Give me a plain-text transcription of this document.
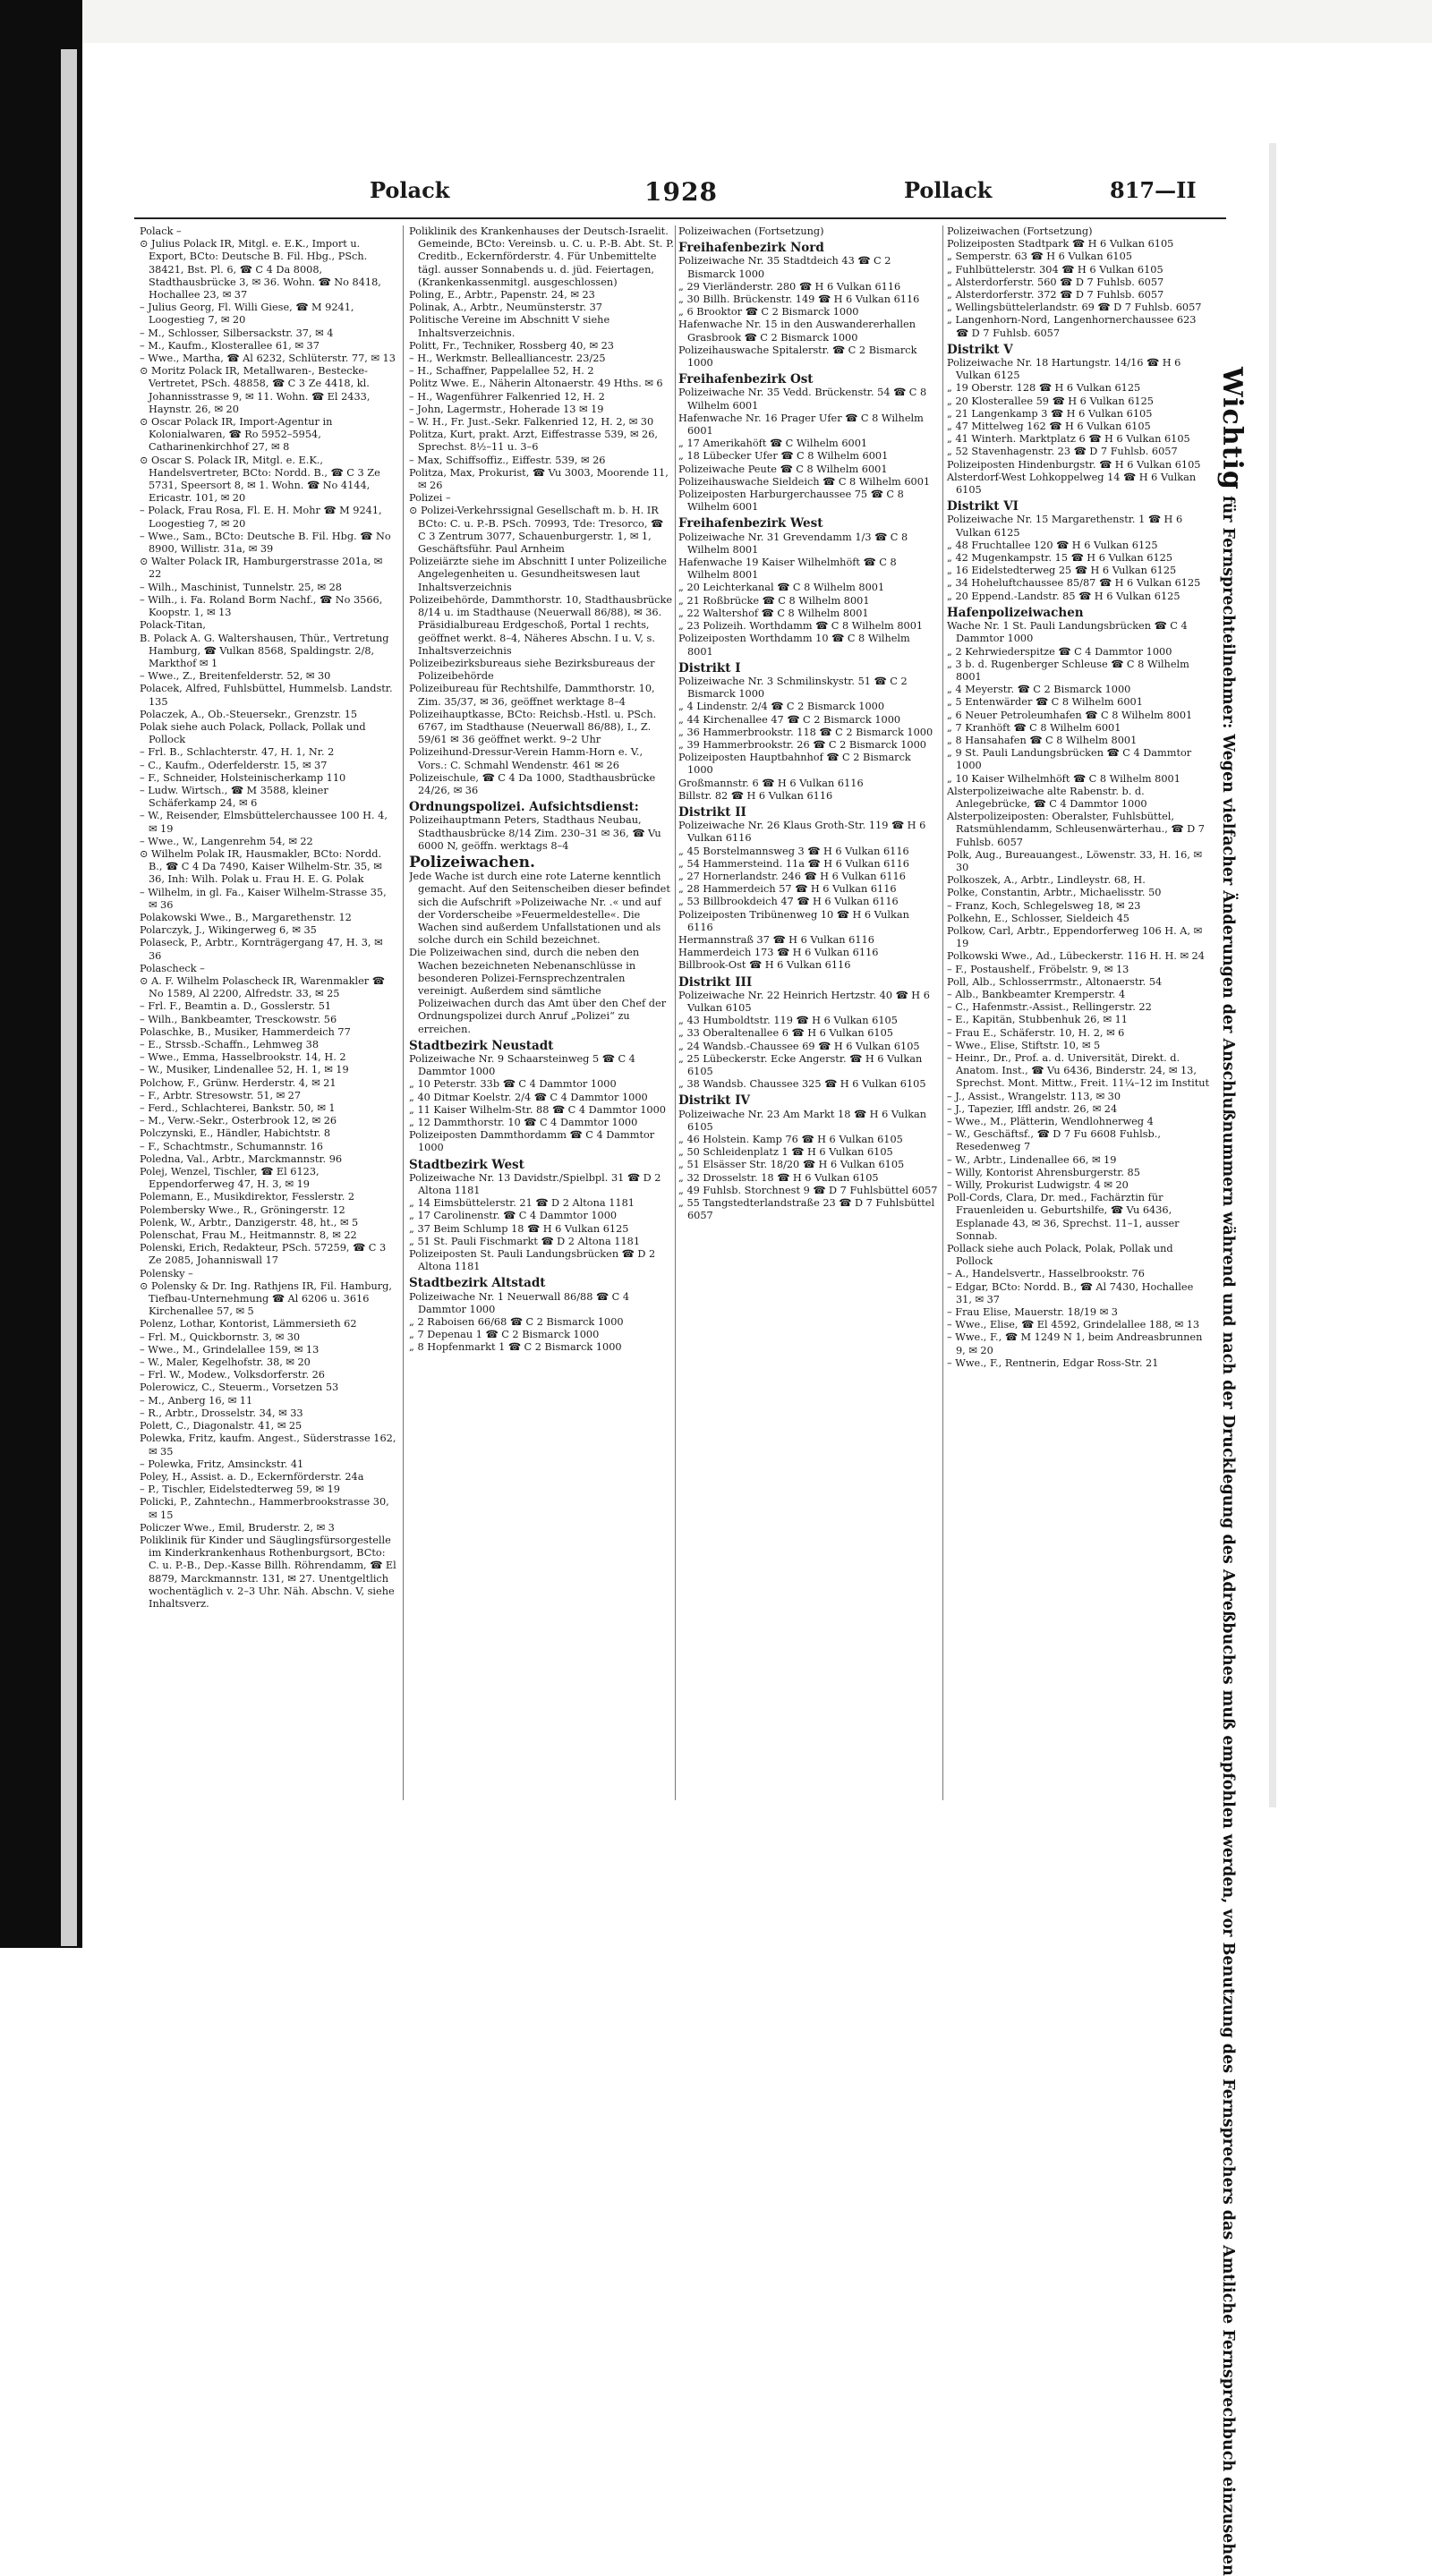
Polack	1928	Pollack	817—II

Polack –

⊙ Julius Polack IR, Mitgl. e. E.K., Import u. Export, BCto: Deutsche B. Fil. Hbg., PSch. 38421, Bst. Pl. 6, ☎ C 4 Da 8008, Stadthausbrücke 3, ✉ 36. Wohn. ☎ No 8418, Hochallee 23, ✉ 37

– Julius Georg, Fl. Willi Giese, ☎ M 9241, Loogestieg 7, ✉ 20

– M., Schlosser, Silbersackstr. 37, ✉ 4

– M., Kaufm., Klosterallee 61, ✉ 37

– Wwe., Martha, ☎ Al 6232, Schlüterstr. 77, ✉ 13

⊙ Moritz Polack IR, Metallwaren-, Bestecke-Vertretet, PSch. 48858, ☎ C 3 Ze 4418, kl. Johannisstrasse 9, ✉ 11. Wohn. ☎ El 2433, Haynstr. 26, ✉ 20

⊙ Oscar Polack IR, Import-Agentur in Kolonialwaren, ☎ Ro 5952–5954, Catharinenkirchhof 27, ✉ 8

⊙ Oscar S. Polack IR, Mitgl. e. E.K., Handelsvertreter, BCto: Nordd. B., ☎ C 3 Ze 5731, Speersort 8, ✉ 1. Wohn. ☎ No 4144, Ericastr. 101, ✉ 20

– Polack, Frau Rosa, Fl. E. H. Mohr ☎ M 9241, Loogestieg 7, ✉ 20

– Wwe., Sam., BCto: Deutsche B. Fil. Hbg. ☎ No 8900, Willistr. 31a, ✉ 39

⊙ Walter Polack IR, Hamburgerstrasse 201a, ✉ 22

– Wilh., Maschinist, Tunnelstr. 25, ✉ 28

– Wilh., i. Fa. Roland Borm Nachf., ☎ No 3566, Koopstr. 1, ✉ 13

Polack-Titan,

B. Polack A. G. Waltershausen, Thür., Vertretung Hamburg, ☎ Vulkan 8568, Spaldingstr. 2/8, Markthof ✉ 1

– Wwe., Z., Breitenfelderstr. 52, ✉ 30

Polacek, Alfred, Fuhlsbüttel, Hummelsb. Landstr. 135

Polaczek, A., Ob.-Steuersekr., Grenzstr. 15

Polak siehe auch Polack, Pollack, Pollak und Pollock

– Frl. B., Schlachterstr. 47, H. 1, Nr. 2

– C., Kaufm., Oderfelderstr. 15, ✉ 37

– F., Schneider, Holsteinischerkamp 110

– Ludw. Wirtsch., ☎ M 3588, kleiner Schäferkamp 24, ✉ 6

– W., Reisender, Elmsbüttelerchaussee 100 H. 4, ✉ 19

– Wwe., W., Langenrehm 54, ✉ 22

⊙ Wilhelm Polak IR, Hausmakler, BCto: Nordd. B., ☎ C 4 Da 7490, Kaiser Wilhelm-Str. 35, ✉ 36, Inh: Wilh. Polak u. Frau H. E. G. Polak

– Wilhelm, in gl. Fa., Kaiser Wilhelm-Strasse 35, ✉ 36

Polakowski Wwe., B., Margarethenstr. 12

Polarczyk, J., Wikingerweg 6, ✉ 35

Polaseck, P., Arbtr., Kornträgergang 47, H. 3, ✉ 36

Polascheck –

⊙ A. F. Wilhelm Polascheck IR, Warenmakler ☎ No 1589, Al 2200, Alfredstr. 33, ✉ 25

– Frl. F., Beamtin a. D., Gosslerstr. 51

– Wilh., Bankbeamter, Tresckowstr. 56

Polaschke, B., Musiker, Hammerdeich 77

– E., Strssb.-Schaffn., Lehmweg 38

– Wwe., Emma, Hasselbrookstr. 14, H. 2

– W., Musiker, Lindenallee 52, H. 1, ✉ 19

Polchow, F., Grünw. Herderstr. 4, ✉ 21

– F., Arbtr. Stresowstr. 51, ✉ 27

– Ferd., Schlachterei, Bankstr. 50, ✉ 1

– M., Verw.-Sekr., Osterbrook 12, ✉ 26

Polczynski, E., Händler, Habichtstr. 8

– F., Schachtmstr., Schumannstr. 16

Poledna, Val., Arbtr., Marckmannstr. 96

Polej, Wenzel, Tischler, ☎ El 6123, Eppendorferweg 47, H. 3, ✉ 19

Polemann, E., Musikdirektor, Fesslerstr. 2

Polembersky Wwe., R., Gröningerstr. 12

Polenk, W., Arbtr., Danzigerstr. 48, ht., ✉ 5

Polenschat, Frau M., Heitmannstr. 8, ✉ 22

Polenski, Erich, Redakteur, PSch. 57259, ☎ C 3 Ze 2085, Johanniswall 17

Polensky –

⊙ Polensky & Dr. Ing. Rathjens IR, Fil. Hamburg, Tiefbau-Unternehmung ☎ Al 6206 u. 3616 Kirchenallee 57, ✉ 5

Polenz, Lothar, Kontorist, Lämmersieth 62

– Frl. M., Quickbornstr. 3, ✉ 30

– Wwe., M., Grindelallee 159, ✉ 13

– W., Maler, Kegelhofstr. 38, ✉ 20

– Frl. W., Modew., Volksdorferstr. 26

Polerowicz, C., Steuerm., Vorsetzen 53

– M., Anberg 16, ✉ 11

– R., Arbtr., Drosselstr. 34, ✉ 33

Polett, C., Diagonalstr. 41, ✉ 25

Polewka, Fritz, kaufm. Angest., Süderstrasse 162, ✉ 35

– Polewka, Fritz, Amsinckstr. 41

Poley, H., Assist. a. D., Eckernförderstr. 24a

– P., Tischler, Eidelstedterweg 59, ✉ 19

Policki, P., Zahntechn., Hammerbrookstrasse 30, ✉ 15

Policzer Wwe., Emil, Bruderstr. 2, ✉ 3

Poliklinik für Kinder und Säuglingsfürsorgestelle im Kinderkrankenhaus Rothenburgsort, BCto: C. u. P.-B., Dep.-Kasse Billh. Röhrendamm, ☎ El 8879, Marckmannstr. 131, ✉ 27. Unentgeltlich wochentäglich v. 2–3 Uhr. Näh. Abschn. V, siehe Inhaltsverz.

Poliklinik des Krankenhauses der Deutsch-Israelit. Gemeinde, BCto: Vereinsb. u. C. u. P.-B. Abt. St. P. Creditb., Eckernförderstr. 4. Für Unbemittelte tägl. ausser Sonnabends u. d. jüd. Feiertagen, (Krankenkassenmitgl. ausgeschlossen)

Poling, E., Arbtr., Papenstr. 24, ✉ 23

Polinak, A., Arbtr., Neumünsterstr. 37

Politische Vereine im Abschnitt V siehe Inhaltsverzeichnis.

Politt, Fr., Techniker, Rossberg 40, ✉ 23

– H., Werkmstr. Bellealliancestr. 23/25

– H., Schaffner, Pappelallee 52, H. 2

Politz Wwe. E., Näherin Altonaerstr. 49 Hths. ✉ 6

– H., Wagenführer Falkenried 12, H. 2

– John, Lagermstr., Hoherade 13 ✉ 19

– W. H., Fr. Just.-Sekr. Falkenried 12, H. 2, ✉ 30

Politza, Kurt, prakt. Arzt, Eiffestrasse 539, ✉ 26, Sprechst. 8½–11 u. 3–6

– Max, Schiffsoffiz., Eiffestr. 539, ✉ 26

Politza, Max, Prokurist, ☎ Vu 3003, Moorende 11, ✉ 26

Polizei –

⊙ Polizei-Verkehrssignal Gesellschaft m. b. H. IR BCto: C. u. P.-B. PSch. 70993, Tde: Tresorco, ☎ C 3 Zentrum 3077, Schauenburgerstr. 1, ✉ 1, Geschäftsführ. Paul Arnheim

Polizeiärzte siehe im Abschnitt I unter Polizeiliche Angelegenheiten u. Gesundheitswesen laut Inhaltsverzeichnis

Polizeibehörde, Dammthorstr. 10, Stadthausbrücke 8/14 u. im Stadthause (Neuerwall 86/88), ✉ 36. Präsidialbureau Erdgeschoß, Portal 1 rechts, geöffnet werkt. 8–4, Näheres Abschn. I u. V, s. Inhaltsverzeichnis

Polizeibezirksbureaus siehe Bezirksbureaus der Polizeibehörde

Polizeibureau für Rechtshilfe, Dammthorstr. 10, Zim. 35/37, ✉ 36, geöffnet werktage 8–4

Polizeihauptkasse, BCto: Reichsb.-Hstl. u. PSch. 6767, im Stadthause (Neuerwall 86/88), I., Z. 59/61 ✉ 36 geöffnet werkt. 9–2 Uhr

Polizeihund-Dressur-Verein Hamm-Horn e. V., Vors.: C. Schmahl Wendenstr. 461 ✉ 26

Polizeischule, ☎ C 4 Da 1000, Stadthausbrücke 24/26, ✉ 36

Ordnungspolizei. Aufsichtsdienst:

Polizeihauptmann Peters, Stadthaus Neubau, Stadthausbrücke 8/14 Zim. 230–31 ✉ 36, ☎ Vu 6000 N, geöffn. werktags 8–4

Polizeiwachen.

Jede Wache ist durch eine rote Laterne kenntlich gemacht. Auf den Seitenscheiben dieser befindet sich die Aufschrift »Polizeiwache Nr. .« und auf der Vorderscheibe »Feuermeldestelle«. Die Wachen sind außerdem Unfallstationen und als solche durch ein Schild bezeichnet.

Die Polizeiwachen sind, durch die neben den Wachen bezeichneten Nebenanschlüsse in besonderen Polizei-Fernsprechzentralen vereinigt. Außerdem sind sämtliche Polizeiwachen durch das Amt über den Chef der Ordnungspolizei durch Anruf „Polizei“ zu erreichen.

Stadtbezirk Neustadt

Polizeiwache Nr. 9 Schaarsteinweg 5 ☎ C 4 Dammtor 1000

„ 10 Peterstr. 33b ☎ C 4 Dammtor 1000

„ 40 Ditmar Koelstr. 2/4 ☎ C 4 Dammtor 1000

„ 11 Kaiser Wilhelm-Str. 88 ☎ C 4 Dammtor 1000

„ 12 Dammthorstr. 10 ☎ C 4 Dammtor 1000

Polizeiposten Dammthordamm ☎ C 4 Dammtor 1000

Stadtbezirk West

Polizeiwache Nr. 13 Davidstr./Spielbpl. 31 ☎ D 2 Altona 1181

„ 14 Eimsbüttelerstr. 21 ☎ D 2 Altona 1181

„ 17 Carolinenstr. ☎ C 4 Dammtor 1000

„ 37 Beim Schlump 18 ☎ H 6 Vulkan 6125

„ 51 St. Pauli Fischmarkt ☎ D 2 Altona 1181

Polizeiposten St. Pauli Landungsbrücken ☎ D 2 Altona 1181

Stadtbezirk Altstadt

Polizeiwache Nr. 1 Neuerwall 86/88 ☎ C 4 Dammtor 1000

„ 2 Raboisen 66/68 ☎ C 2 Bismarck 1000

„ 7 Depenau 1 ☎ C 2 Bismarck 1000

„ 8 Hopfenmarkt 1 ☎ C 2 Bismarck 1000

Polizeiwachen (Fortsetzung)

Freihafenbezirk Nord

Polizeiwache Nr. 35 Stadtdeich 43 ☎ C 2 Bismarck 1000

„ 29 Vierländerstr. 280 ☎ H 6 Vulkan 6116

„ 30 Billh. Brückenstr. 149 ☎ H 6 Vulkan 6116

„ 6 Brooktor ☎ C 2 Bismarck 1000

Hafenwache Nr. 15 in den Auswandererhallen Grasbrook ☎ C 2 Bismarck 1000

Polizeihauswache Spitalerstr. ☎ C 2 Bismarck 1000

Freihafenbezirk Ost

Polizeiwache Nr. 35 Vedd. Brückenstr. 54 ☎ C 8 Wilhelm 6001

Hafenwache Nr. 16 Prager Ufer ☎ C 8 Wilhelm 6001

„ 17 Amerikahöft ☎ C Wilhelm 6001

„ 18 Lübecker Ufer ☎ C 8 Wilhelm 6001

Polizeiwache Peute ☎ C 8 Wilhelm 6001

Polizeihauswache Sieldeich ☎ C 8 Wilhelm 6001

Polizeiposten Harburgerchaussee 75 ☎ C 8 Wilhelm 6001

Freihafenbezirk West

Polizeiwache Nr. 31 Grevendamm 1/3 ☎ C 8 Wilhelm 8001

Hafenwache 19 Kaiser Wilhelmhöft ☎ C 8 Wilhelm 8001

„ 20 Leichterkanal ☎ C 8 Wilhelm 8001

„ 21 Roßbrücke ☎ C 8 Wilhelm 8001

„ 22 Waltershof ☎ C 8 Wilhelm 8001

„ 23 Polizeih. Worthdamm ☎ C 8 Wilhelm 8001

Polizeiposten Worthdamm 10 ☎ C 8 Wilhelm 8001

Distrikt I

Polizeiwache Nr. 3 Schmilinskystr. 51 ☎ C 2 Bismarck 1000

„ 4 Lindenstr. 2/4 ☎ C 2 Bismarck 1000

„ 44 Kirchenallee 47 ☎ C 2 Bismarck 1000

„ 36 Hammerbrookstr. 118 ☎ C 2 Bismarck 1000

„ 39 Hammerbrookstr. 26 ☎ C 2 Bismarck 1000

Polizeiposten Hauptbahnhof ☎ C 2 Bismarck 1000

Großmannstr. 6 ☎ H 6 Vulkan 6116

Billstr. 82 ☎ H 6 Vulkan 6116

Distrikt II

Polizeiwache Nr. 26 Klaus Groth-Str. 119 ☎ H 6 Vulkan 6116

„ 45 Borstelmannsweg 3 ☎ H 6 Vulkan 6116

„ 54 Hammersteind. 11a ☎ H 6 Vulkan 6116

„ 27 Hornerlandstr. 246 ☎ H 6 Vulkan 6116

„ 28 Hammerdeich 57 ☎ H 6 Vulkan 6116

„ 53 Billbrookdeich 47 ☎ H 6 Vulkan 6116

Polizeiposten Tribünenweg 10 ☎ H 6 Vulkan 6116

Hermannstraß 37 ☎ H 6 Vulkan 6116

Hammerdeich 173 ☎ H 6 Vulkan 6116

Billbrook-Ost ☎ H 6 Vulkan 6116

Distrikt III

Polizeiwache Nr. 22 Heinrich Hertzstr. 40 ☎ H 6 Vulkan 6105

„ 43 Humboldtstr. 119 ☎ H 6 Vulkan 6105

„ 33 Oberaltenallee 6 ☎ H 6 Vulkan 6105

„ 24 Wandsb.-Chaussee 69 ☎ H 6 Vulkan 6105

„ 25 Lübeckerstr. Ecke Angerstr. ☎ H 6 Vulkan 6105

„ 38 Wandsb. Chaussee 325 ☎ H 6 Vulkan 6105

Distrikt IV

Polizeiwache Nr. 23 Am Markt 18 ☎ H 6 Vulkan 6105

„ 46 Holstein. Kamp 76 ☎ H 6 Vulkan 6105

„ 50 Schleidenplatz 1 ☎ H 6 Vulkan 6105

„ 51 Elsässer Str. 18/20 ☎ H 6 Vulkan 6105

„ 32 Drosselstr. 18 ☎ H 6 Vulkan 6105

„ 49 Fuhlsb. Storchnest 9 ☎ D 7 Fuhlsbüttel 6057

„ 55 Tangstedterlandstraße 23 ☎ D 7 Fuhlsbüttel 6057

Polizeiwachen (Fortsetzung)

Polizeiposten Stadtpark ☎ H 6 Vulkan 6105

„ Semperstr. 63 ☎ H 6 Vulkan 6105

„ Fuhlbüttelerstr. 304 ☎ H 6 Vulkan 6105

„ Alsterdorferstr. 560 ☎ D 7 Fuhlsb. 6057

„ Alsterdorferstr. 372 ☎ D 7 Fuhlsb. 6057

„ Wellingsbüttelerlandstr. 69 ☎ D 7 Fuhlsb. 6057

„ Langenhorn-Nord, Langenhornerchaussee 623 ☎ D 7 Fuhlsb. 6057

Distrikt V

Polizeiwache Nr. 18 Hartungstr. 14/16 ☎ H 6 Vulkan 6125

„ 19 Oberstr. 128 ☎ H 6 Vulkan 6125

„ 20 Klosterallee 59 ☎ H 6 Vulkan 6125

„ 21 Langenkamp 3 ☎ H 6 Vulkan 6105

„ 47 Mittelweg 162 ☎ H 6 Vulkan 6105

„ 41 Winterh. Marktplatz 6 ☎ H 6 Vulkan 6105

„ 52 Stavenhagenstr. 23 ☎ D 7 Fuhlsb. 6057

Polizeiposten Hindenburgstr. ☎ H 6 Vulkan 6105

Alsterdorf-West Lohkoppelweg 14 ☎ H 6 Vulkan 6105

Distrikt VI

Polizeiwache Nr. 15 Margarethenstr. 1 ☎ H 6 Vulkan 6125

„ 48 Fruchtallee 120 ☎ H 6 Vulkan 6125

„ 42 Mugenkampstr. 15 ☎ H 6 Vulkan 6125

„ 16 Eidelstedterweg 25 ☎ H 6 Vulkan 6125

„ 34 Hoheluftchaussee 85/87 ☎ H 6 Vulkan 6125

„ 20 Eppend.-Landstr. 85 ☎ H 6 Vulkan 6125

Hafenpolizeiwachen

Wache Nr. 1 St. Pauli Landungsbrücken ☎ C 4 Dammtor 1000

„ 2 Kehrwiederspitze ☎ C 4 Dammtor 1000

„ 3 b. d. Rugenberger Schleuse ☎ C 8 Wilhelm 8001

„ 4 Meyerstr. ☎ C 2 Bismarck 1000

„ 5 Entenwärder ☎ C 8 Wilhelm 6001

„ 6 Neuer Petroleumhafen ☎ C 8 Wilhelm 8001

„ 7 Kranhöft ☎ C 8 Wilhelm 6001

„ 8 Hansahafen ☎ C 8 Wilhelm 8001

„ 9 St. Pauli Landungsbrücken ☎ C 4 Dammtor 1000

„ 10 Kaiser Wilhelmhöft ☎ C 8 Wilhelm 8001

Alsterpolizeiwache alte Rabenstr. b. d. Anlegebrücke, ☎ C 4 Dammtor 1000

Alsterpolizeiposten: Oberalster, Fuhlsbüttel, Ratsmühlendamm, Schleusenwärterhau., ☎ D 7 Fuhlsb. 6057

Polk, Aug., Bureauangest., Löwenstr. 33, H. 16, ✉ 30

Polkoszek, A., Arbtr., Lindleystr. 68, H.

Polke, Constantin, Arbtr., Michaelisstr. 50

– Franz, Koch, Schlegelsweg 18, ✉ 23

Polkehn, E., Schlosser, Sieldeich 45

Polkow, Carl, Arbtr., Eppendorferweg 106 H. A, ✉ 19

Polkowski Wwe., Ad., Lübeckerstr. 116 H. H. ✉ 24

– F., Postaushelf., Fröbelstr. 9, ✉ 13

Poll, Alb., Schlosserrmstr., Altonaerstr. 54

– Alb., Bankbeamter Kremperstr. 4

– C., Hafenmstr.-Assist., Rellingerstr. 22

– E., Kapitän, Stubbenhuk 26, ✉ 11

– Frau E., Schäferstr. 10, H. 2, ✉ 6

– Wwe., Elise, Stiftstr. 10, ✉ 5

– Heinr., Dr., Prof. a. d. Universität, Direkt. d. Anatom. Inst., ☎ Vu 6436, Binderstr. 24, ✉ 13, Sprechst. Mont. Mittw., Freit. 11¼–12 im Institut

– J., Assist., Wrangelstr. 113, ✉ 30

– J., Tapezier, Iffl andstr. 26, ✉ 24

– Wwe., M., Plätterin, Wendlohnerweg 4

– W., Geschäftsf., ☎ D 7 Fu 6608 Fuhlsb., Resedenweg 7

– W., Arbtr., Lindenallee 66, ✉ 19

– Willy, Kontorist Ahrensburgerstr. 85

– Willy, Prokurist Ludwigstr. 4 ✉ 20

Poll-Cords, Clara, Dr. med., Fachärztin für Frauenleiden u. Geburtshilfe, ☎ Vu 6436, Esplanade 43, ✉ 36, Sprechst. 11–1, ausser Sonnab.

Pollack siehe auch Polack, Polak, Pollak und Pollock

– A., Handelsvertr., Hasselbrookstr. 76

– Edgar, BCto: Nordd. B., ☎ Al 7430, Hochallee 31, ✉ 37

– Frau Elise, Mauerstr. 18/19 ✉ 3

– Wwe., Elise, ☎ El 4592, Grindelallee 188, ✉ 13

– Wwe., F., ☎ M 1249 N 1, beim Andreasbrunnen 9, ✉ 20

– Wwe., F., Rentnerin, Edgar Ross-Str. 21

Wichtig für Fernsprechteilnehmer: Wegen vielfacher Änderungen der Anschlußnummern während und nach der Drucklegung des Adreßbuches muß empfohlen werden, vor Benutzung des Fernsprechers das Amtliche Fernsprechbuch einzusehen
